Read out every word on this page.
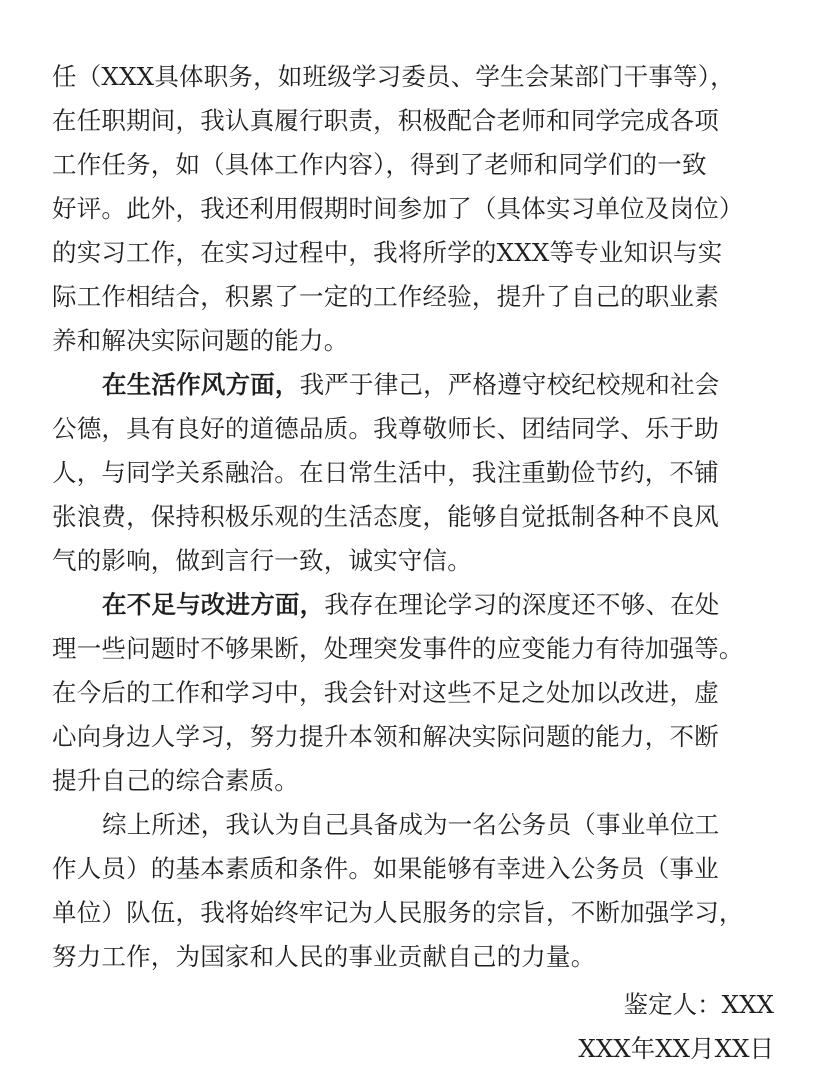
任（XXX具体职务，如班级学习委员、学生会某部门干事等），
在任职期间，我认真履行职责，积极配合老师和同学完成各项
工作任务，如（具体工作内容），得到了老师和同学们的一致
好评。此外，我还利用假期时间参加了（具体实习单位及岗位）
的实习工作，在实习过程中，我将所学的XXX等专业知识与实
际工作相结合，积累了一定的工作经验，提升了自己的职业素
养和解决实际问题的能力。
在生活作风方面，我严于律己，严格遵守校纪校规和社会
公德，具有良好的道德品质。我尊敬师长、团结同学、乐于助
人，与同学关系融洽。在日常生活中，我注重勤俭节约，不铺
张浪费，保持积极乐观的生活态度，能够自觉抵制各种不良风
气的影响，做到言行一致，诚实守信。
在不足与改进方面，我存在理论学习的深度还不够、在处
理一些问题时不够果断，处理突发事件的应变能力有待加强等。
在今后的工作和学习中，我会针对这些不足之处加以改进，虚
心向身边人学习，努力提升本领和解决实际问题的能力，不断
提升自己的综合素质。
综上所述，我认为自己具备成为一名公务员（事业单位工
作人员）的基本素质和条件。如果能够有幸进入公务员（事业
单位）队伍，我将始终牢记为人民服务的宗旨，不断加强学习，
努力工作，为国家和人民的事业贡献自己的力量。
鉴定人：XXX
XXX年XX月XX日
